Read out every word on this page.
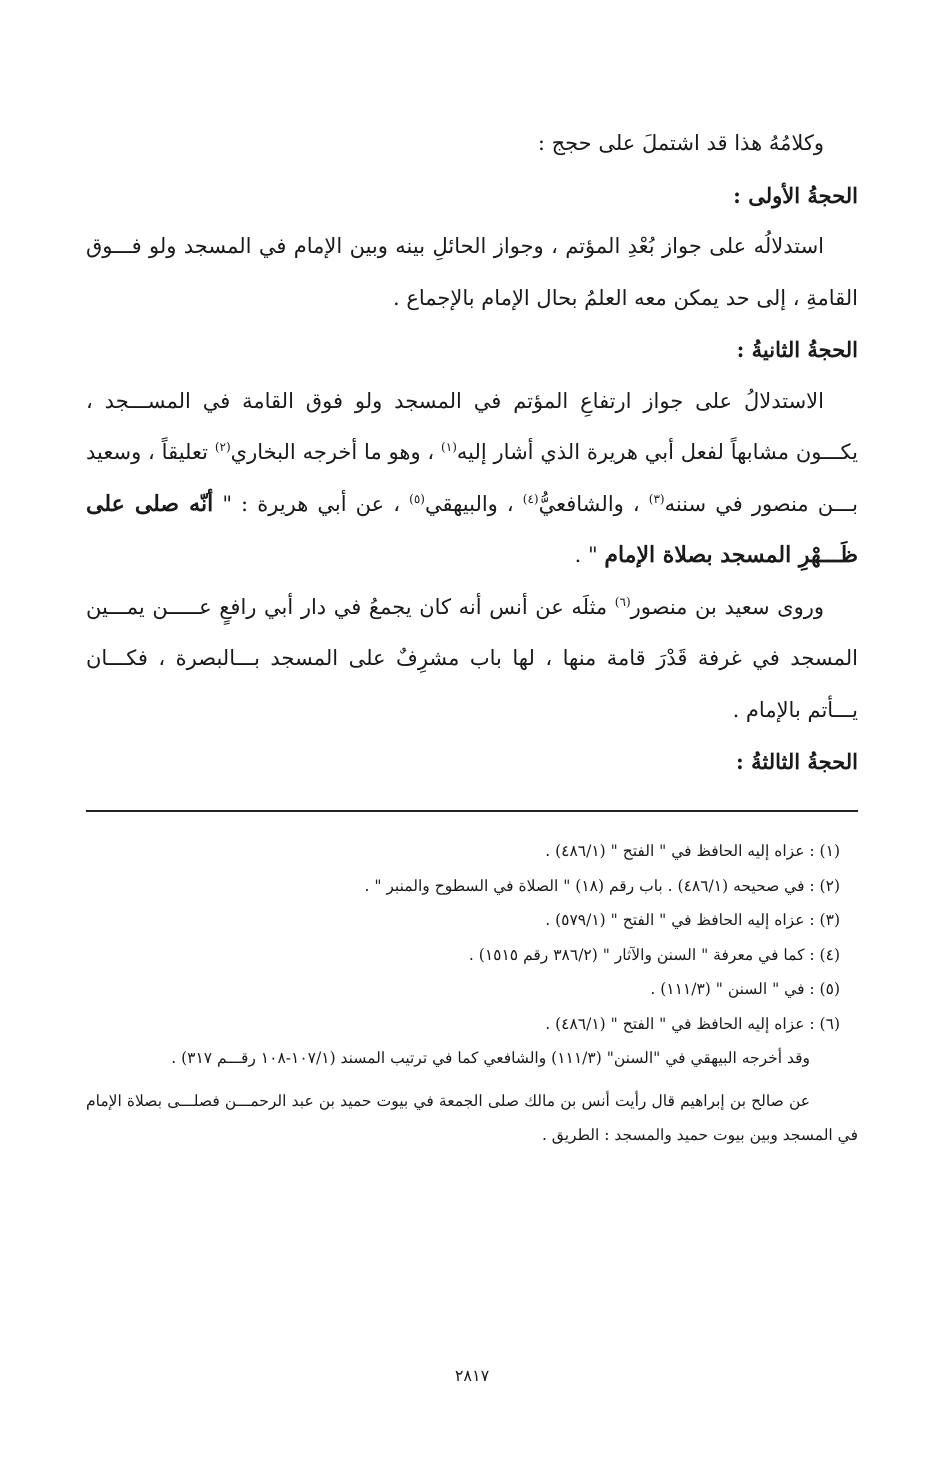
وكلامُهُ هذا قد اشتملَ على حجج :

الحجةُ الأولى :

استدلالُه على جواز بُعْدِ المؤتم ، وجواز الحائلِ بينه وبين الإمام في المسجد ولو فـــوق القامةِ ، إلى حد يمكن معه العلمُ بحال الإمام بالإجماع .

الحجةُ الثانيةُ :

الاستدلالُ على جواز ارتفاعِ المؤتم في المسجد ولو فوق القامة في المســـجد ، يكـــون مشابهاً لفعل أبي هريرة الذي أشار إليه$^{(١)}$ ، وهو ما أخرجه البخاري$^{(٢)}$ تعليقاً ، وسعيد بـــن منصور في سننه$^{(٣)}$ ، والشافعيُّ$^{(٤)}$ ، والبيهقي$^{(٥)}$ ، عن أبي هريرة : " أنّه صلى على ظَـــهْرِ المسجد بصلاة الإمام " .

وروى سعيد بن منصور$^{(٦)}$ مثلَه عن أنس أنه كان يجمعُ في دار أبي رافعٍ عـــــن يمـــين المسجد في غرفة قَدْرَ قامة منها ، لها باب مشرِفٌ على المسجد بـــالبصرة ، فكـــان يـــأتم بالإمام .

الحجةُ الثالثةُ :

(١) : عزاه إليه الحافظ في " الفتح " (٤٨٦/١) .

(٢) : في صحيحه (٤٨٦/١) . باب رقم (١٨) " الصلاة في السطوح والمنبر " .

(٣) : عزاه إليه الحافظ في " الفتح " (٥٧٩/١) .

(٤) : كما في معرفة " السنن والآثار " (٣٨٦/٢ رقم ١٥١٥) .

(٥) : في " السنن " (١١١/٣) .

(٦) : عزاه إليه الحافظ في " الفتح " (٤٨٦/١) .

وقد أخرجه البيهقي في "السنن" (١١١/٣) والشافعي كما في ترتيب المسند (١٠٧/١-١٠٨ رقـــم ٣١٧) .

عن صالح بن إبراهيم قال رأيت أنس بن مالك صلى الجمعة في بيوت حميد بن عبد الرحمـــن فصلـــى بصلاة الإمام في المسجد وبين بيوت حميد والمسجد : الطريق .

٢٨١٧
